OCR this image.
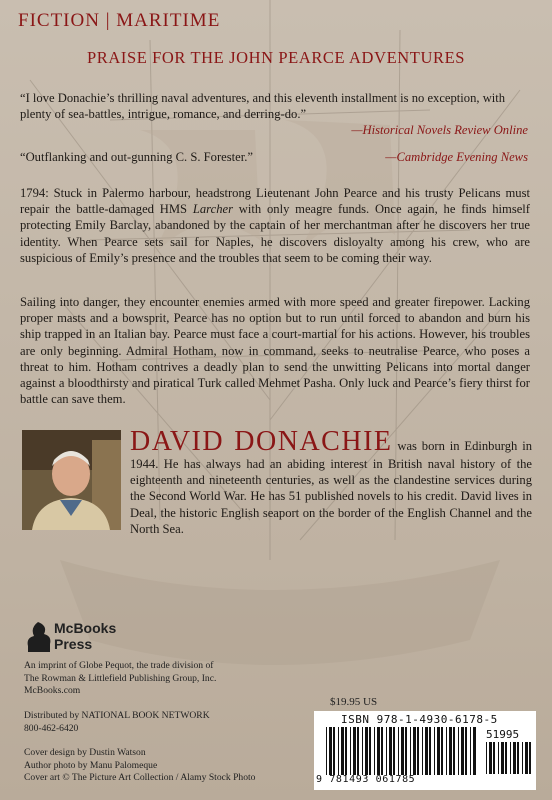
FICTION | MARITIME
PRAISE FOR THE JOHN PEARCE ADVENTURES
“I love Donachie’s thrilling naval adventures, and this eleventh installment is no exception, with plenty of sea-battles, intrigue, romance, and derring-do.”
—Historical Novels Review Online
“Outflanking and out-gunning C. S. Forester.”	—Cambridge Evening News
1794: Stuck in Palermo harbour, headstrong Lieutenant John Pearce and his trusty Pelicans must repair the battle-damaged HMS Larcher with only meagre funds. Once again, he finds himself protecting Emily Barclay, abandoned by the captain of her merchantman after he discovers her true identity. When Pearce sets sail for Naples, he discovers disloyalty among his crew, who are suspicious of Emily’s presence and the troubles that seem to be coming their way.
Sailing into danger, they encounter enemies armed with more speed and greater firepower. Lacking proper masts and a bowsprit, Pearce has no option but to run until forced to abandon and burn his ship trapped in an Italian bay. Pearce must face a court-martial for his actions. However, his troubles are only beginning. Admiral Hotham, now in command, seeks to neutralise Pearce, who poses a threat to him. Hotham contrives a deadly plan to send the unwitting Pelicans into mortal danger against a bloodthirsty and piratical Turk called Mehmet Pasha. Only luck and Pearce’s fiery thirst for battle can save them.
DAVID DONACHIE was born in Edinburgh in 1944. He has always had an abiding interest in British naval history of the eighteenth and nineteenth centuries, as well as the clandestine services during the Second World War. He has 51 published novels to his credit. David lives in Deal, the historic English seaport on the border of the English Channel and the North Sea.
McBooks
Press
An imprint of Globe Pequot, the trade division of
The Rowman & Littlefield Publishing Group, Inc.
McBooks.com
Distributed by NATIONAL BOOK NETWORK
800-462-6420
Cover design by Dustin Watson
Author photo by Manu Palomeque
Cover art © The Picture Art Collection / Alamy Stock Photo
$19.95 US
ISBN 978-1-4930-6178-5
51995
9 781493 061785
